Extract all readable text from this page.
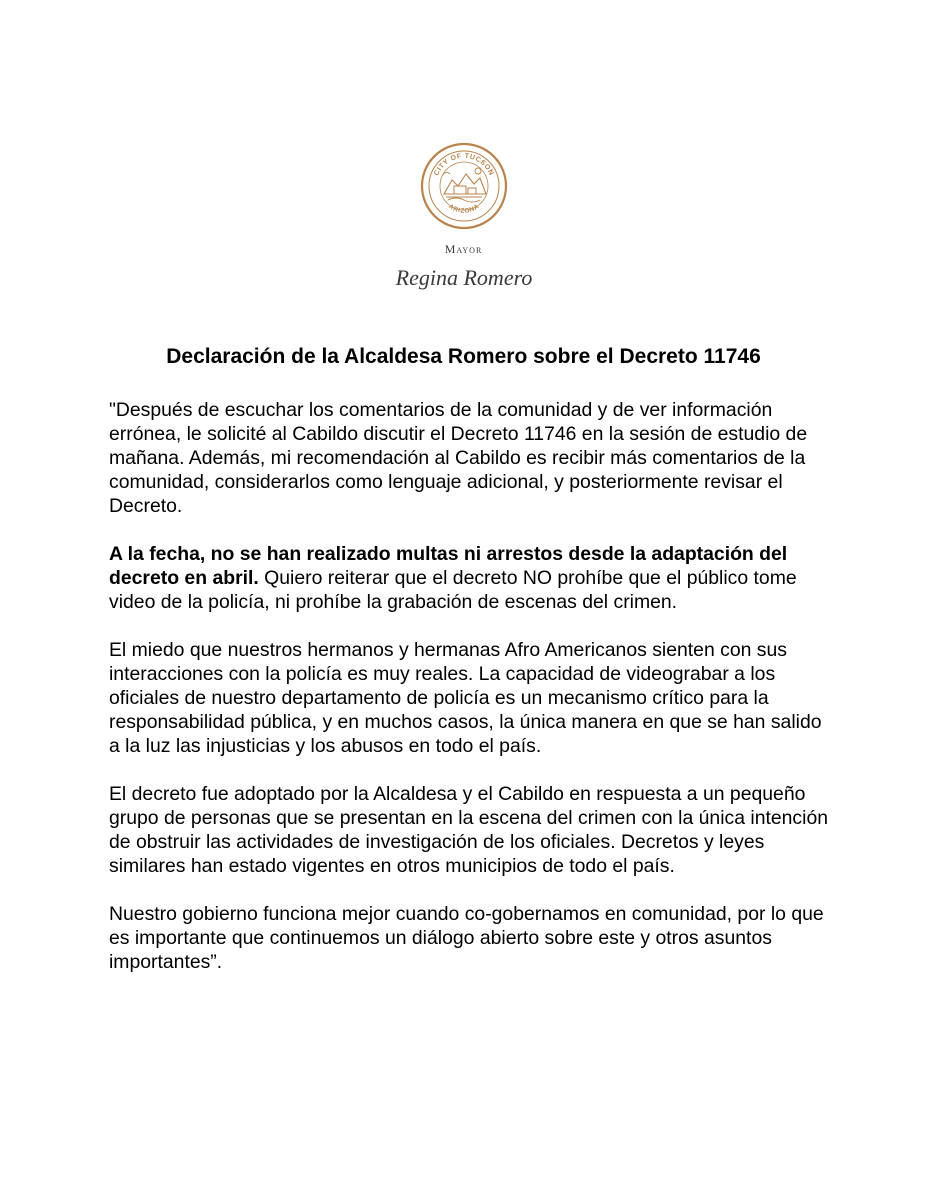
CITY OF TUCSON
ARIZONA
Mayor
Regina Romero
Declaración de la Alcaldesa Romero sobre el Decreto 11746

"Después de escuchar los comentarios de la comunidad y de ver información errónea, le solicité al Cabildo discutir el Decreto 11746 en la sesión de estudio de mañana. Además, mi recomendación al Cabildo es recibir más comentarios de la comunidad, considerarlos como lenguaje adicional, y posteriormente revisar el Decreto.

A la fecha, no se han realizado multas ni arrestos desde la adaptación del decreto en abril. Quiero reiterar que el decreto NO prohíbe que el público tome video de la policía, ni prohíbe la grabación de escenas del crimen.

El miedo que nuestros hermanos y hermanas Afro Americanos sienten con sus interacciones con la policía es muy reales. La capacidad de videograbar a los oficiales de nuestro departamento de policía es un mecanismo crítico para la responsabilidad pública, y en muchos casos, la única manera en que se han salido a la luz las injusticias y los abusos en todo el país.

El decreto fue adoptado por la Alcaldesa y el Cabildo en respuesta a un pequeño grupo de personas que se presentan en la escena del crimen con la única intención de obstruir las actividades de investigación de los oficiales. Decretos y leyes similares han estado vigentes en otros municipios de todo el país.

Nuestro gobierno funciona mejor cuando co-gobernamos en comunidad, por lo que es importante que continuemos un diálogo abierto sobre este y otros asuntos importantes”.
